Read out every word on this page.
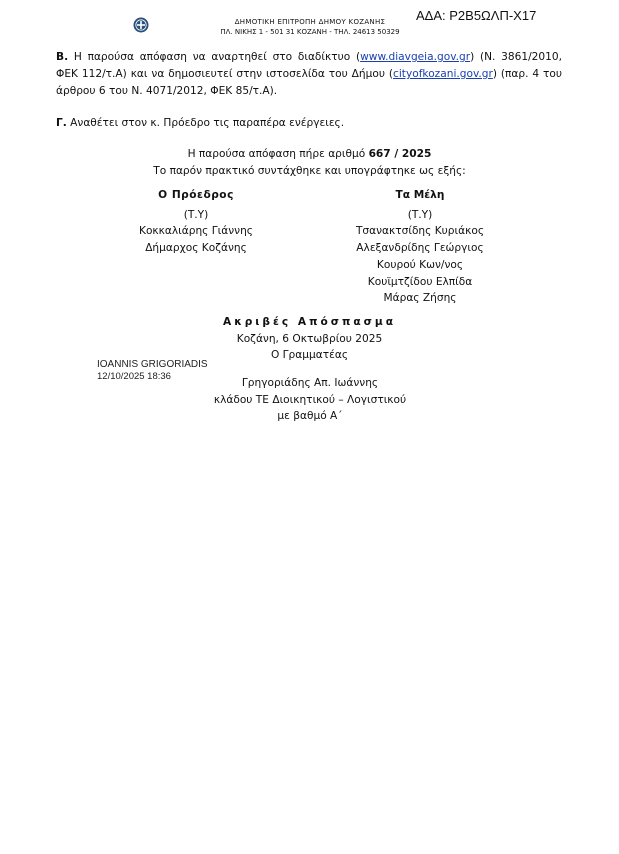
ΑΔΑ: Ρ2Β5ΩΛΠ-Χ17
ΔΗΜΟΤΙΚΗ ΕΠΙΤΡΟΠΗ ΔΗΜΟΥ ΚΟΖΑΝΗΣ
ΠΛ. ΝΙΚΗΣ 1 - 501 31 ΚΟΖΑΝΗ - ΤΗΛ. 24613 50329
Β. Η παρούσα απόφαση να αναρτηθεί στο διαδίκτυο (www.diavgeia.gov.gr) (Ν. 3861/2010, ΦΕΚ 112/τ.Α) και να δημοσιευτεί στην ιστοσελίδα του Δήμου (cityofkozani.gov.gr) (παρ. 4 του άρθρου 6 του Ν. 4071/2012, ΦΕΚ 85/τ.Α).
Γ. Αναθέτει στον κ. Πρόεδρο τις παραπέρα ενέργειες.
Η παρούσα απόφαση πήρε αριθμό 667 / 2025
Το παρόν πρακτικό συντάχθηκε και υπογράφτηκε ως εξής:
Ο Πρόεδρος
(Τ.Υ)
Κοκκαλιάρης Γιάννης
Δήμαρχος Κοζάνης
Τα Μέλη
(Τ.Υ)
Τσανακτσίδης Κυριάκος
Αλεξανδρίδης Γεώργιος
Κουρού Κων/νος
Κουϊμτζίδου Ελπίδα
Μάρας Ζήσης
Ακριβές Απόσπασμα
Κοζάνη, 6 Οκτωβρίου 2025
Ο Γραμματέας
IOANNIS GRIGORIADIS
12/10/2025 18:36
Γρηγοριάδης Απ. Ιωάννης
κλάδου ΤΕ Διοικητικού – Λογιστικού
με βαθμό Α΄
